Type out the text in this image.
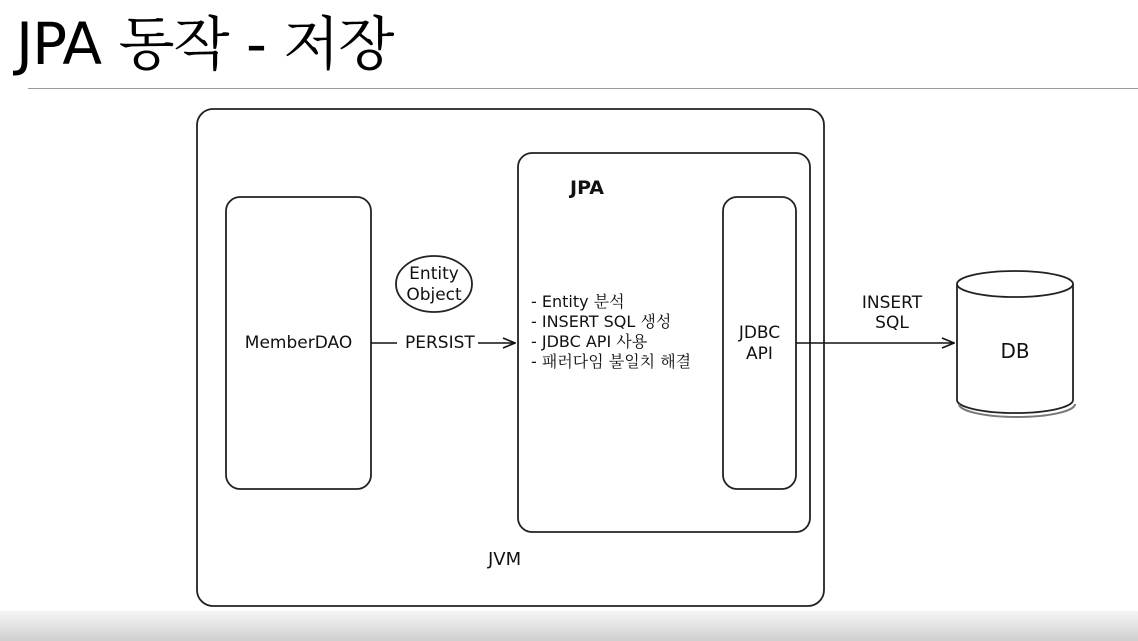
JPA 동작 - 저장
Entity
Object
MemberDAO	PERSIST
JPA
- Entity 분석
- INSERT SQL 생성
- JDBC API 사용
- 패러다임 불일치 해결
JDBC
API
INSERT
SQL
DB
JVM
